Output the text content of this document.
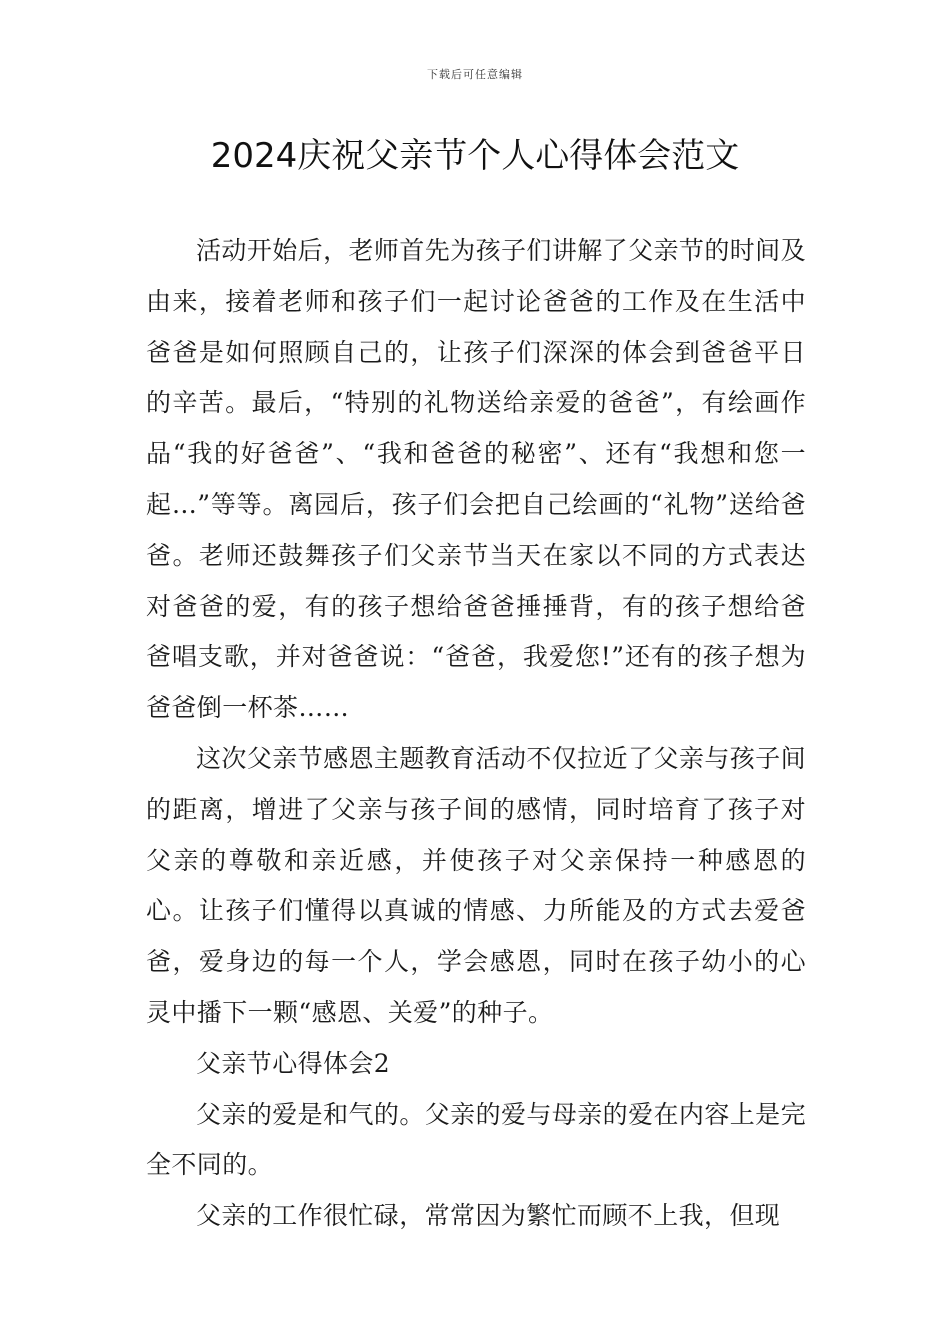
下载后可任意编辑
2024庆祝父亲节个人心得体会范文

活动开始后，老师首先为孩子们讲解了父亲节的时间及由来，接着老师和孩子们一起讨论爸爸的工作及在生活中爸爸是如何照顾自己的，让孩子们深深的体会到爸爸平日的辛苦。最后，“特别的礼物送给亲爱的爸爸”，有绘画作品“我的好爸爸”、“我和爸爸的秘密”、还有“我想和您一起…”等等。离园后，孩子们会把自己绘画的“礼物”送给爸爸。老师还鼓舞孩子们父亲节当天在家以不同的方式表达对爸爸的爱，有的孩子想给爸爸捶捶背，有的孩子想给爸爸唱支歌，并对爸爸说：“爸爸，我爱您!”还有的孩子想为爸爸倒一杯茶……

这次父亲节感恩主题教育活动不仅拉近了父亲与孩子间的距离，增进了父亲与孩子间的感情，同时培育了孩子对父亲的尊敬和亲近感，并使孩子对父亲保持一种感恩的心。让孩子们懂得以真诚的情感、力所能及的方式去爱爸爸，爱身边的每一个人，学会感恩，同时在孩子幼小的心灵中播下一颗“感恩、关爱”的种子。

父亲节心得体会2

父亲的爱是和气的。父亲的爱与母亲的爱在内容上是完全不同的。

父亲的工作很忙碌，常常因为繁忙而顾不上我，但现
